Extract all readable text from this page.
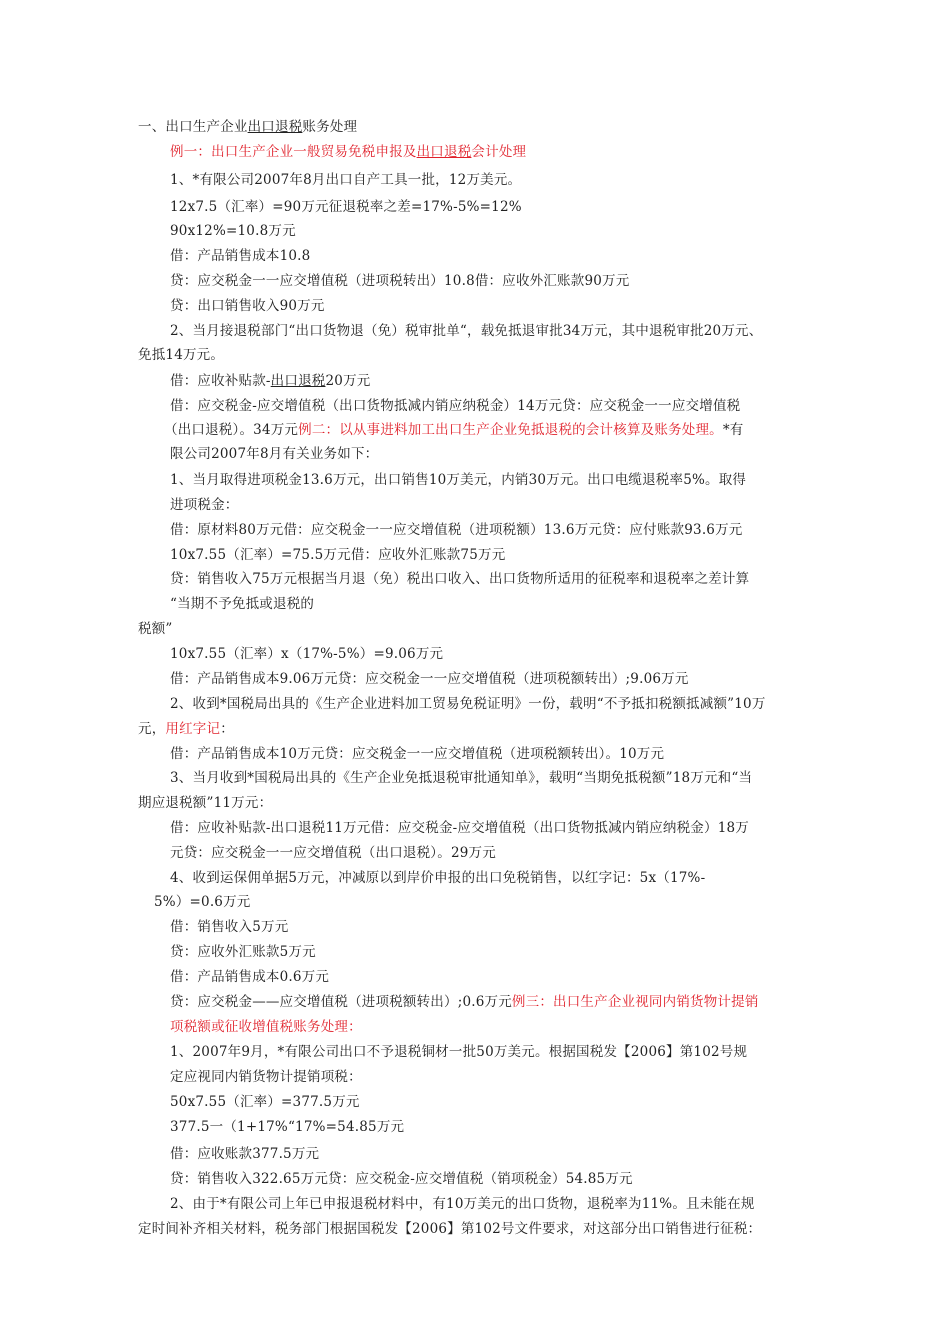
一、出口生产企业出口退税账务处理

例一：出口生产企业一般贸易免税申报及出口退税会计处理

1、*有限公司2007年8月出口自产工具一批，12万美元。

12x7.5（汇率）=90万元征退税率之差=17%-5%=12%

90x12%=10.8万元

借：产品销售成本10.8

贷：应交税金一一应交增值税（进项税转出）10.8借：应收外汇账款90万元

贷：出口销售收入90万元

2、当月接退税部门“出口货物退（免）税审批单“，载免抵退审批34万元，其中退税审批20万元、

免抵14万元。

借：应收补贴款-出口退税20万元

借：应交税金-应交增值税（出口货物抵减内销应纳税金）14万元贷：应交税金一一应交增值税

（出口退税）。34万元例二：以从事进料加工出口生产企业免抵退税的会计核算及账务处理。*有

限公司2007年8月有关业务如下：

1、当月取得进项税金13.6万元，出口销售10万美元，内销30万元。出口电缆退税率5%。取得

进项税金：

借：原材料80万元借：应交税金一一应交增值税（进项税额）13.6万元贷：应付账款93.6万元

10x7.55（汇率）=75.5万元借：应收外汇账款75万元

贷：销售收入75万元根据当月退（免）税出口收入、出口货物所适用的征税率和退税率之差计算

“当期不予免抵或退税的

税额”

10x7.55（汇率）x（17%-5%）=9.06万元

借：产品销售成本9.06万元贷：应交税金一一应交增值税（进项税额转出）;9.06万元

2、收到*国税局出具的《生产企业进料加工贸易免税证明》一份，载明“不予抵扣税额抵减额”10万

元，用红字记：

借：产品销售成本10万元贷：应交税金一一应交增值税（进项税额转出）。10万元

3、当月收到*国税局出具的《生产企业免抵退税审批通知单》，载明“当期免抵税额”18万元和“当

期应退税额”11万元：

借：应收补贴款-出口退税11万元借：应交税金-应交增值税（出口货物抵减内销应纳税金）18万

元贷：应交税金一一应交增值税（出口退税）。29万元

4、收到运保佣单据5万元，冲减原以到岸价申报的出口免税销售，以红字记：5x（17%-

5%）=0.6万元

借：销售收入5万元

贷：应收外汇账款5万元

借：产品销售成本0.6万元

贷：应交税金——应交增值税（进项税额转出）;0.6万元例三：出口生产企业视同内销货物计提销

项税额或征收增值税账务处理：

1、2007年9月，*有限公司出口不予退税铜材一批50万美元。根据国税发【2006】第102号规

定应视同内销货物计提销项税：

50x7.55（汇率）=377.5万元

377.5一（1+17%“17%=54.85万元

借：应收账款377.5万元

贷：销售收入322.65万元贷：应交税金-应交增值税（销项税金）54.85万元

2、由于*有限公司上年已申报退税材料中，有10万美元的出口货物，退税率为11%。且未能在规

定时间补齐相关材料，税务部门根据国税发【2006】第102号文件要求，对这部分出口销售进行征税：
